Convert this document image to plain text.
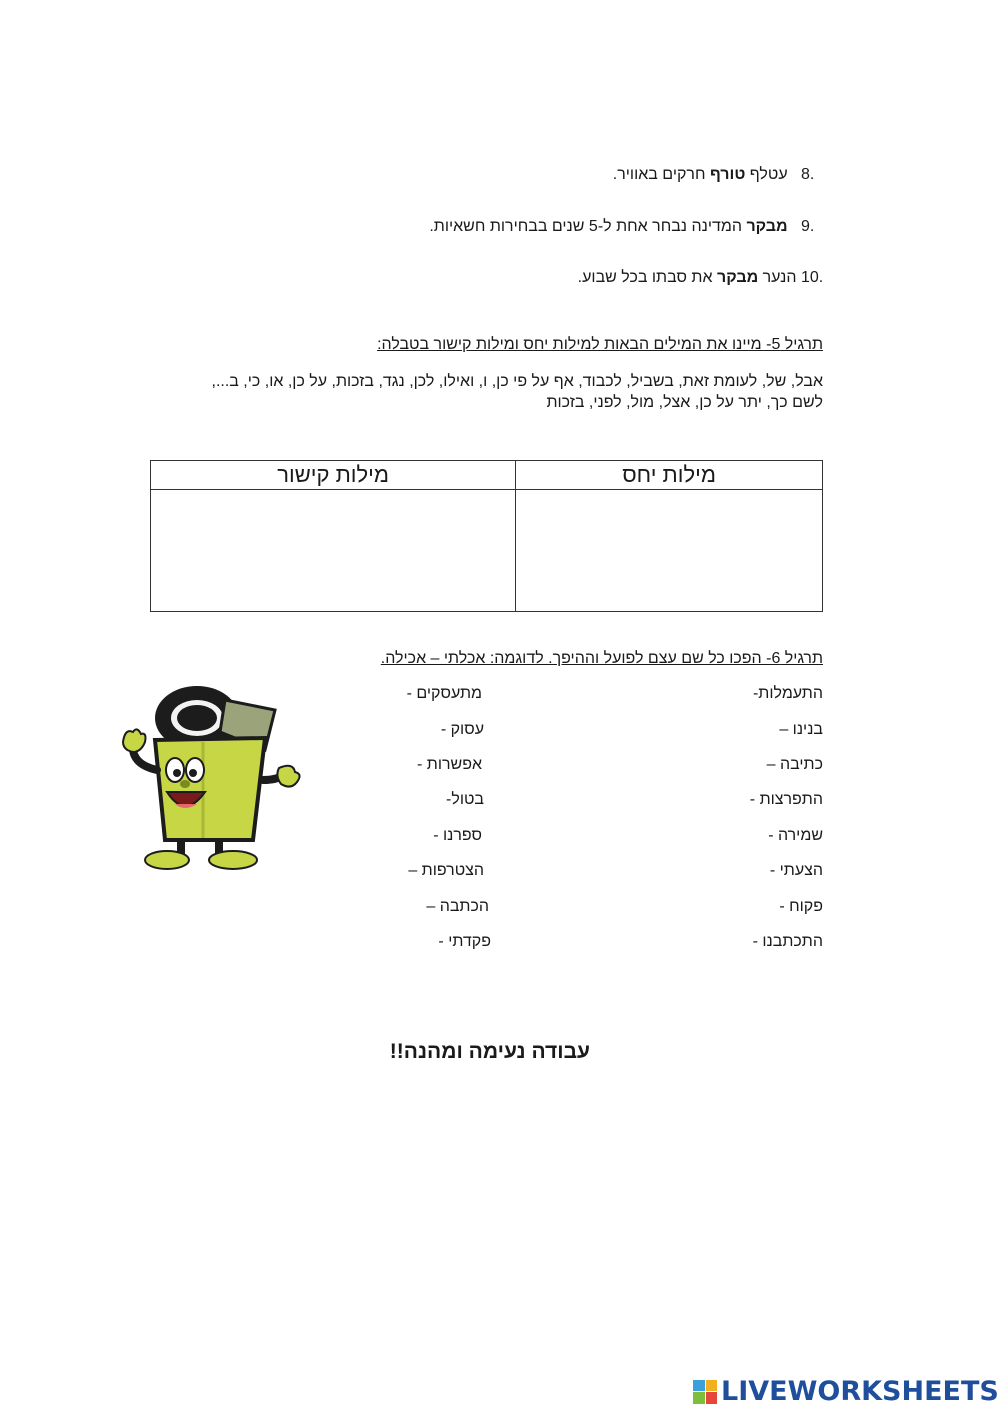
8.   עטלף טורף חרקים באוויר.
9.   מבקר המדינה נבחר אחת ל-5 שנים בבחירות חשאיות.
10. הנער מבקר את סבתו בכל שבוע.
תרגיל 5- מיינו את המילים הבאות למילות יחס ומילות קישור בטבלה:
אבל, של, לעומת זאת, בשביל, לכבוד, אף על פי כן, ו, ואילו, לכן, נגד, בזכות, על כן, או, כי, ב...,
לשם כך, יתר על כן, אצל, מול, לפני, בזכות
מילות יחס	מילות קישור

תרגיל 6- הפכו כל שם עצם לפועל וההיפך. לדוגמה: אכלתי – אכילה.
התעמלות-
בנינו –
כתיבה –
התפרצות -
שמירה -
הצעתי -
פקוח -
התכתבנו -
מתעסקים -
עסוק -
אפשרות -
בטול-
ספרנו -
הצטרפות –
הכתבה –
פקדתי -
עבודה נעימה ומהנה!!
LIVEWORKSHEETS
